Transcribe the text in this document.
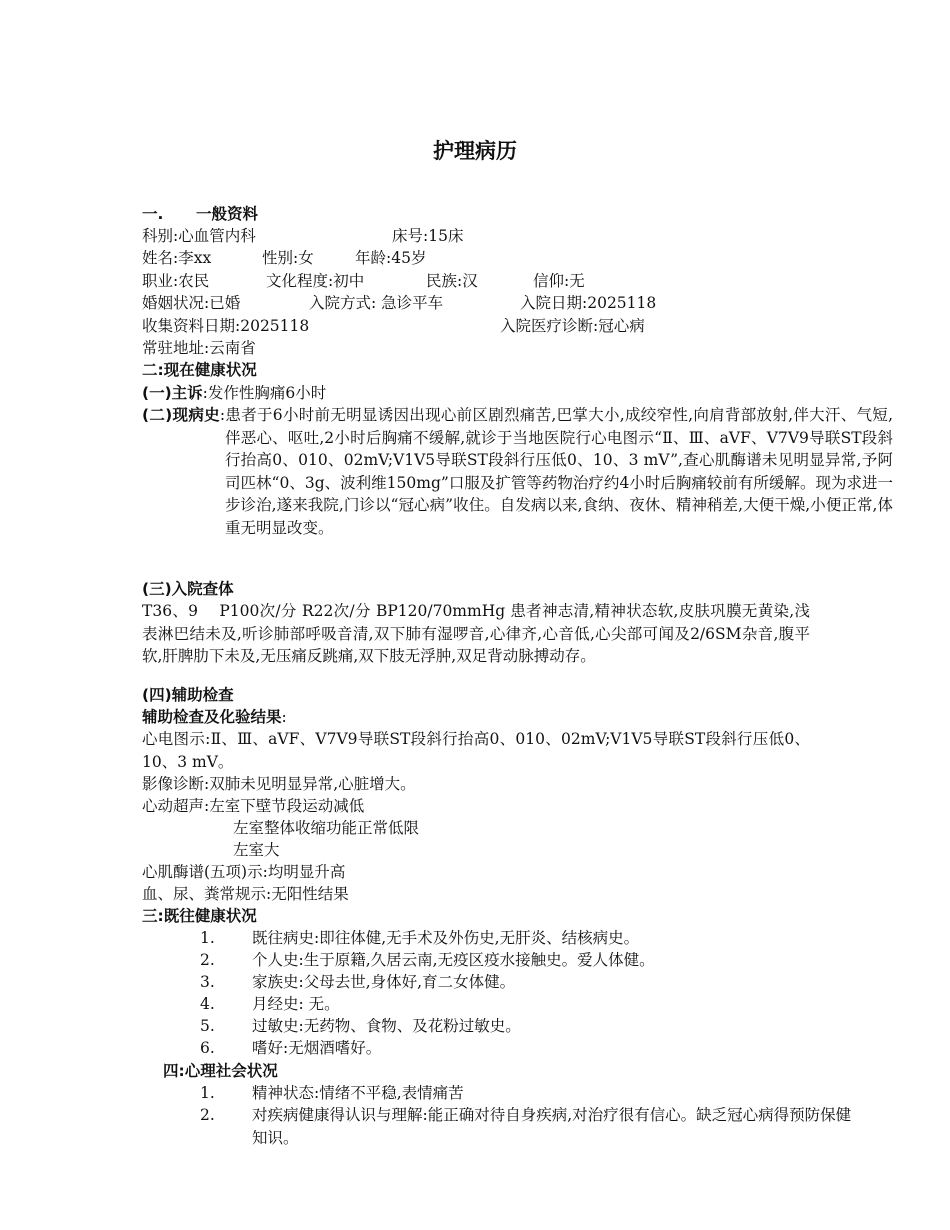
护理病历
一. 一般资料
科别:心血管内科	床号:15床
姓名:李xx	性别:女	年龄:45岁
职业:农民	文化程度:初中	民族:汉	信仰:无
婚姻状况:已婚	入院方式: 急诊平车	入院日期:2025118
收集资料日期:2025118	入院医疗诊断:冠心病
常驻地址:云南省
二:现在健康状况
(一)主诉:发作性胸痛6小时
(二)现病史:患者于6小时前无明显诱因出现心前区剧烈痛苦,巴掌大小,成绞窄性,向肩背部放射,伴大汗、气短,伴恶心、呕吐,2小时后胸痛不缓解,就诊于当地医院行心电图示“Ⅱ、Ⅲ、aVF、V7V9导联ST段斜行抬高0、010、02mV;V1V5导联ST段斜行压低0、10、3 mV”,查心肌酶谱未见明显异常,予阿司匹林“0、3g、波利维150mg”口服及扩管等药物治疗约4小时后胸痛较前有所缓解。现为求进一步诊治,遂来我院,门诊以“冠心病”收住。自发病以来,食纳、夜休、精神稍差,大便干燥,小便正常,体重无明显改变。
(三)入院查体
T36、9　 P100次/分 R22次/分 BP120/70mmHg 患者神志清,精神状态软,皮肤巩膜无黄染,浅表淋巴结未及,听诊肺部呼吸音清,双下肺有湿啰音,心律齐,心音低,心尖部可闻及2/6SM杂音,腹平软,肝脾肋下未及,无压痛反跳痛,双下肢无浮肿,双足背动脉搏动存。
(四)辅助检查
辅助检查及化验结果:
心电图示:Ⅱ、Ⅲ、aVF、V7V9导联ST段斜行抬高0、010、02mV;V1V5导联ST段斜行压低0、10、3 mV。
影像诊断:双肺未见明显异常,心脏增大。
心动超声:左室下壁节段运动减低
左室整体收缩功能正常低限
左室大
心肌酶谱(五项)示:均明显升高
血、尿、粪常规示:无阳性结果
三:既往健康状况
1. 既往病史:即往体健,无手术及外伤史,无肝炎、结核病史。
2. 个人史:生于原籍,久居云南,无疫区疫水接触史。爱人体健。
3. 家族史:父母去世,身体好,育二女体健。
4. 月经史: 无。
5. 过敏史:无药物、食物、及花粉过敏史。
6. 嗜好:无烟酒嗜好。
四:心理社会状况
1. 精神状态:情绪不平稳,表情痛苦
2. 对疾病健康得认识与理解:能正确对待自身疾病,对治疗很有信心。缺乏冠心病得预防保健知识。
